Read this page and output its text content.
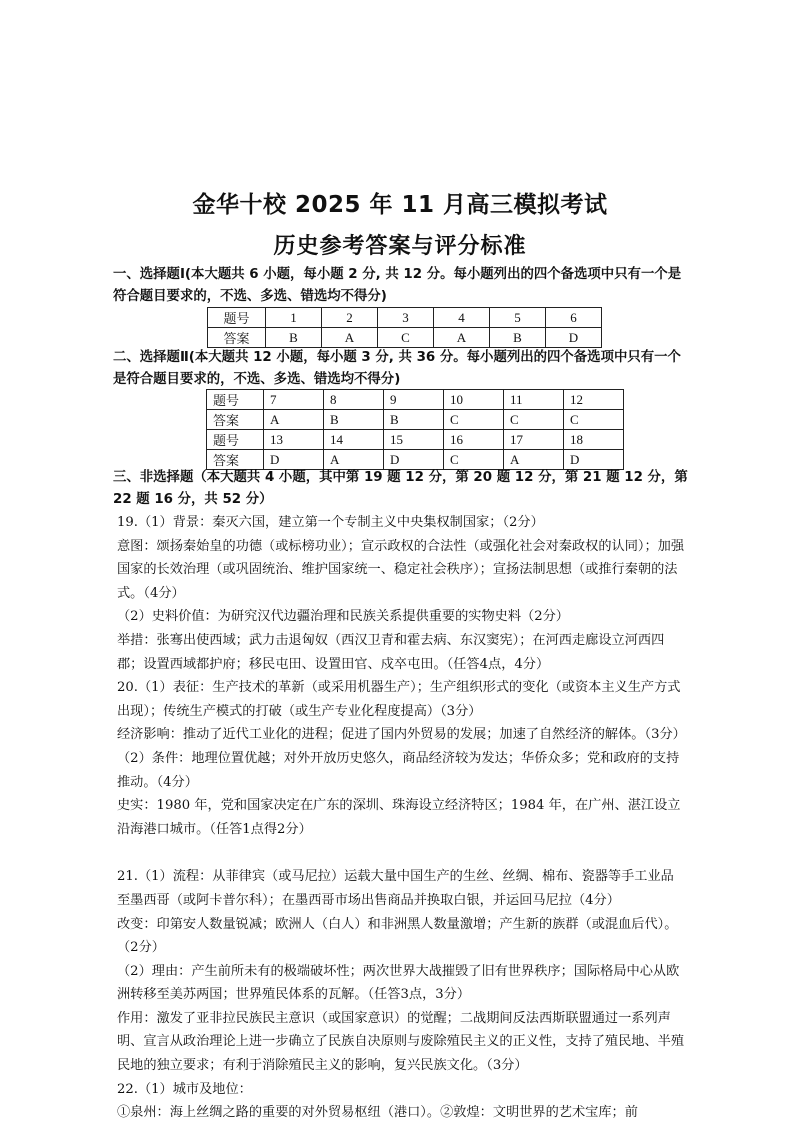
金华十校 2025 年 11 月高三模拟考试
历史参考答案与评分标准
一、选择题Ⅰ(本大题共 6 小题，每小题 2 分, 共 12 分。每小题列出的四个备选项中只有一个是符合题目要求的，不选、多选、错选均不得分)
题号	1	2	3	4	5	6
答案	B	A	C	A	B	D
二、选择题Ⅱ(本大题共 12 小题，每小题 3 分, 共 36 分。每小题列出的四个备选项中只有一个是符合题目要求的，不选、多选、错选均不得分)
题号	7	8	9	10	11	12
答案	A	B	B	C	C	C
题号	13	14	15	16	17	18
答案	D	A	D	C	A	D
三、非选择题（本大题共 4 小题，其中第 19 题 12 分，第 20 题 12 分，第 21 题 12 分，第 22 题 16 分，共 52 分）

19.（1）背景：秦灭六国，建立第一个专制主义中央集权制国家；（2分）

意图：颂扬秦始皇的功德（或标榜功业）；宣示政权的合法性（或强化社会对秦政权的认同）；加强国家的长效治理（或巩固统治、维护国家统一、稳定社会秩序）；宣扬法制思想（或推行秦朝的法式。（4分）

（2）史料价值：为研究汉代边疆治理和民族关系提供重要的实物史料（2分）

举措：张骞出使西域；武力击退匈奴（西汉卫青和霍去病、东汉窦宪）；在河西走廊设立河西四郡；设置西域都护府；移民屯田、设置田官、戍卒屯田。（任答4点，4分）

20.（1）表征：生产技术的革新（或采用机器生产）；生产组织形式的变化（或资本主义生产方式出现）；传统生产模式的打破（或生产专业化程度提高）（3分）

经济影响：推动了近代工业化的进程；促进了国内外贸易的发展；加速了自然经济的解体。（3分）

（2）条件：地理位置优越；对外开放历史悠久，商品经济较为发达；华侨众多；党和政府的支持推动。（4分）

史实：1980 年，党和国家决定在广东的深圳、珠海设立经济特区；1984 年，在广州、湛江设立沿海港口城市。（任答1点得2分）

21.（1）流程：从菲律宾（或马尼拉）运载大量中国生产的生丝、丝绸、棉布、瓷器等手工业品至墨西哥（或阿卡普尔科）；在墨西哥市场出售商品并换取白银，并运回马尼拉（4分）

改变：印第安人数量锐减；欧洲人（白人）和非洲黑人数量激增；产生新的族群（或混血后代）。（2分）

（2）理由：产生前所未有的极端破坏性；两次世界大战摧毁了旧有世界秩序；国际格局中心从欧洲转移至美苏两国；世界殖民体系的瓦解。（任答3点，3分）

作用：激发了亚非拉民族民主意识（或国家意识）的觉醒；二战期间反法西斯联盟通过一系列声明、宣言从政治理论上进一步确立了民族自决原则与废除殖民主义的正义性，支持了殖民地、半殖民地的独立要求；有利于消除殖民主义的影响，复兴民族文化。（3分）

22.（1）城市及地位：

①泉州：海上丝绸之路的重要的对外贸易枢纽（港口）。②敦煌：文明世界的艺术宝库；前
